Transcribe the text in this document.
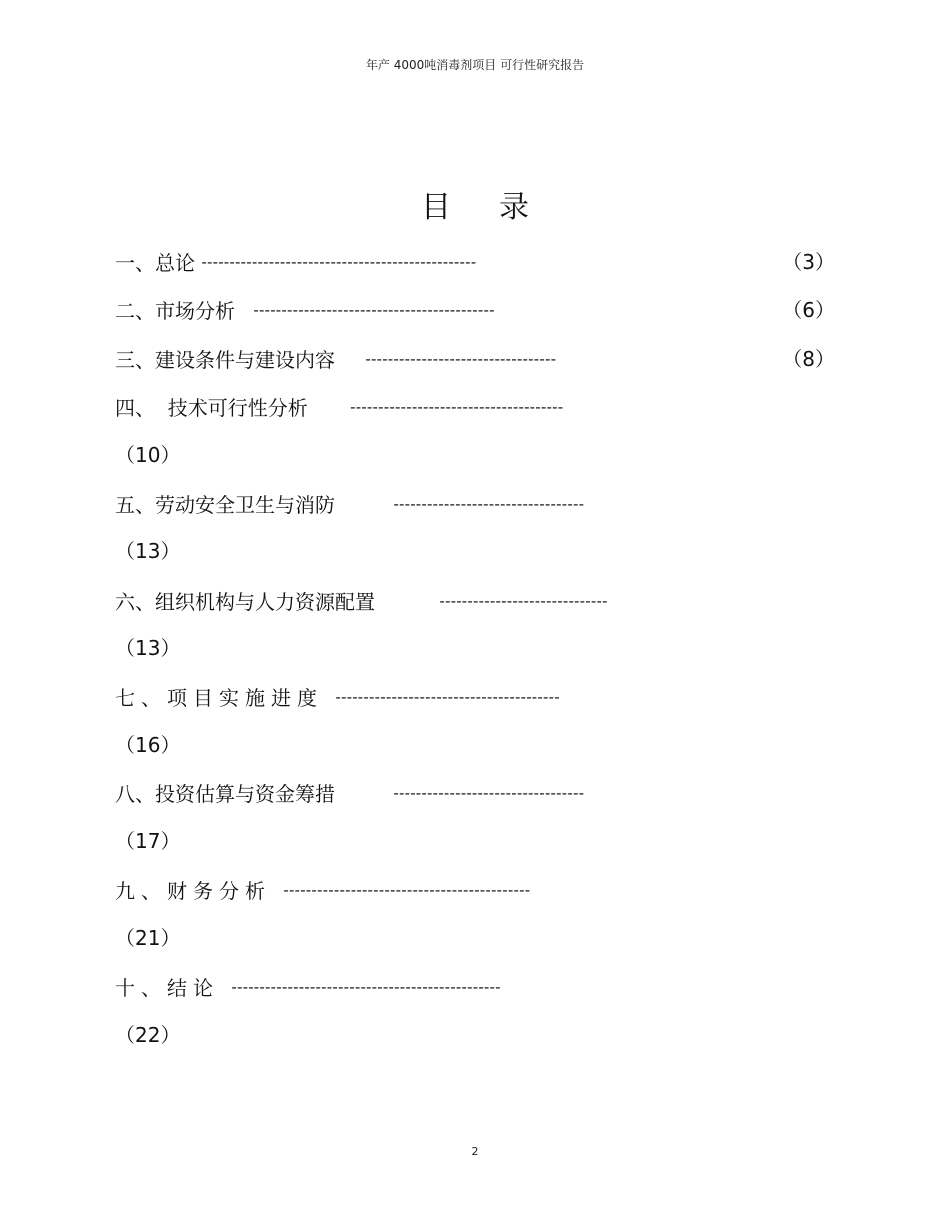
年产 4000吨消毒剂项目 可行性研究报告
目录
一、总论 -------------------------------------------------	（3）
二、市场分析 -------------------------------------------	（6）
三、建设条件与建设内容 ----------------------------------	（8）
四、  技术可行性分析	--------------------------------------
（10）
五、劳动安全卫生与消防	----------------------------------
（13）
六、组织机构与人力资源配置	------------------------------
（13）
七、项目实施进度 ----------------------------------------
（16）
八、投资估算与资金筹措	----------------------------------
（17）
九、财务分析 --------------------------------------------
（21）
十、结论 ------------------------------------------------
（22）
2
